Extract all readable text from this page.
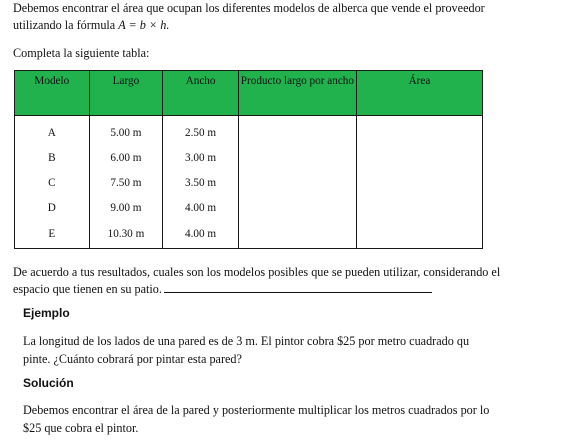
Debemos encontrar el área que ocupan los diferentes modelos de alberca que vende el proveedor
utilizando la fórmula A = b × h.
Completa la siguiente tabla:
Modelo	Largo	Ancho	Producto largo por ancho	Área
A	5.00 m	2.50 m		
B	6.00 m	3.00 m		
C	7.50 m	3.50 m		
D	9.00 m	4.00 m		
E	10.30 m	4.00 m		
De acuerdo a tus resultados, cuales son los modelos posibles que se pueden utilizar, considerando el
espacio que tienen en su patio.
Ejemplo
La longitud de los lados de una pared es de 3 m. El pintor cobra $25 por metro cuadrado qu
pinte. ¿Cuánto cobrará por pintar esta pared?
Solución
Debemos encontrar el área de la pared y posteriormente multiplicar los metros cuadrados por lo
$25 que cobra el pintor.
